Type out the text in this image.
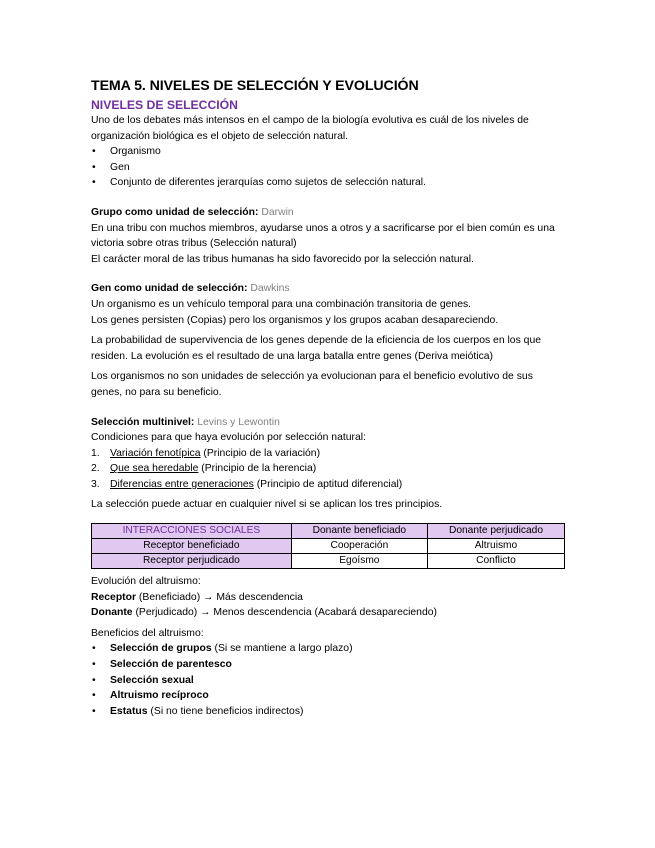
TEMA 5. NIVELES DE SELECCIÓN Y EVOLUCIÓN
NIVELES DE SELECCIÓN

Uno de los debates más intensos en el campo de la biología evolutiva es cuál de los niveles de organización biológica es el objeto de selección natural.

• Organismo
• Gen
• Conjunto de diferentes jerarquías como sujetos de selección natural.

Grupo como unidad de selección: Darwin

En una tribu con muchos miembros, ayudarse unos a otros y a sacrificarse por el bien común es una victoria sobre otras tribus (Selección natural)

El carácter moral de las tribus humanas ha sido favorecido por la selección natural.

Gen como unidad de selección: Dawkins

Un organismo es un vehículo temporal para una combinación transitoria de genes.

Los genes persisten (Copias) pero los organismos y los grupos acaban desapareciendo.

La probabilidad de supervivencia de los genes depende de la eficiencia de los cuerpos en los que residen. La evolución es el resultado de una larga batalla entre genes (Deriva meiótica)

Los organismos no son unidades de selección ya evolucionan para el beneficio evolutivo de sus genes, no para su beneficio.

Selección multinivel: Levins y Lewontin

Condiciones para que haya evolución por selección natural:

1. Variación fenotípica (Principio de la variación)
2. Que sea heredable (Principio de la herencia)
3. Diferencias entre generaciones (Principio de aptitud diferencial)

La selección puede actuar en cualquier nivel si se aplican los tres principios.

INTERACCIONES SOCIALES	Donante beneficiado	Donante perjudicado
Receptor beneficiado	Cooperación	Altruismo
Receptor perjudicado	Egoísmo	Conflicto

Evolución del altruismo:

Receptor (Beneficiado) → Más descendencia

Donante (Perjudicado) → Menos descendencia (Acabará desapareciendo)

Beneficios del altruismo:

• Selección de grupos (Si se mantiene a largo plazo)
• Selección de parentesco
• Selección sexual
• Altruismo recíproco
• Estatus (Si no tiene beneficios indirectos)
